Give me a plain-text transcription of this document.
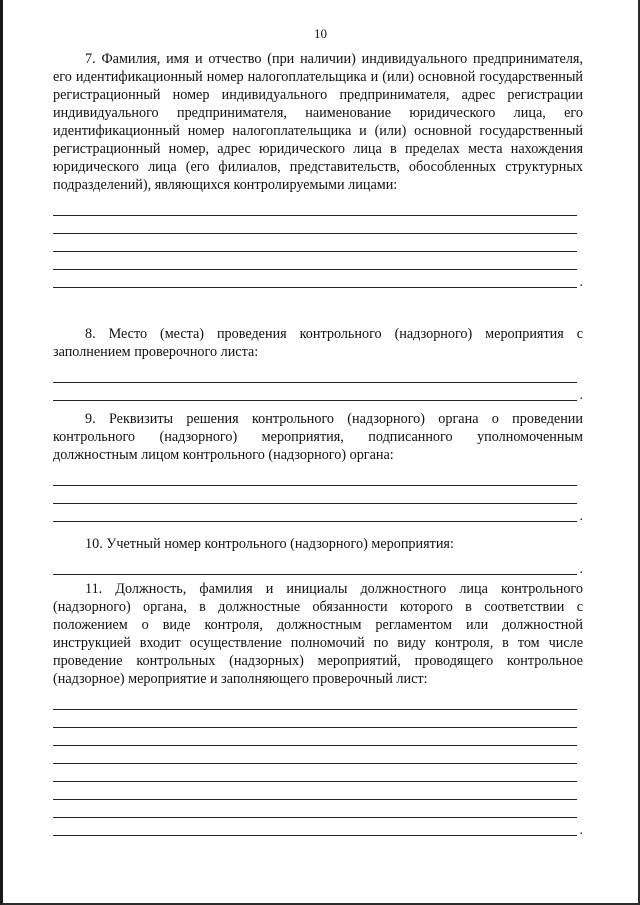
10

7. Фамилия, имя и отчество (при наличии) индивидуального предпринимателя, его идентификационный номер налогоплательщика и (или) основной государственный регистрационный номер индивидуального предпринимателя, адрес регистрации индивидуального предпринимателя, наименование юридического лица, его идентификационный номер налогоплательщика и (или) основной государственный регистрационный номер, адрес юридического лица в пределах места нахождения юридического лица (его филиалов, представительств, обособленных структурных подразделений), являющихся контролируемыми лицами:

.

8. Место (места) проведения контрольного (надзорного) мероприятия с заполнением проверочного листа:

.

9. Реквизиты решения контрольного (надзорного) органа о проведении контрольного (надзорного) мероприятия, подписанного уполномоченным должностным лицом контрольного (надзорного) органа:

.

10. Учетный номер контрольного (надзорного) мероприятия:

.

11. Должность, фамилия и инициалы должностного лица контрольного (надзорного) органа, в должностные обязанности которого в соответствии с положением о виде контроля, должностным регламентом или должностной инструкцией входит осуществление полномочий по виду контроля, в том числе проведение контрольных (надзорных) мероприятий, проводящего контрольное (надзорное) мероприятие и заполняющего проверочный лист:

.
